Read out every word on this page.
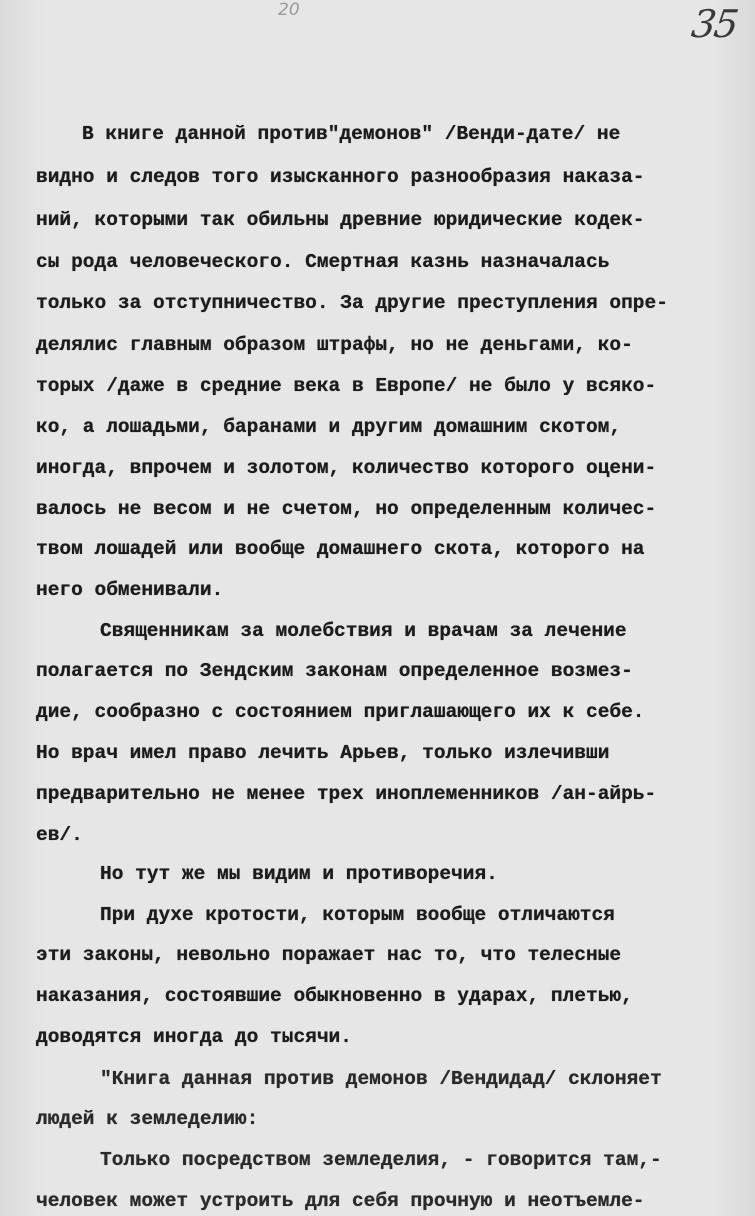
20	35
В книге данной против"демонов" /Венди-дате/ не
видно и следов того изысканного разнообразия наказа-
ний, которыми так обильны древние юридические кодек-
сы рода человеческого. Смертная казнь назначалась
только за отступничество. За другие преступления опре-
делялис главным образом штрафы, но не деньгами, ко-
торых /даже в средние века в Европе/ не было у всяко-
ко, а лошадьми, баранами и другим домашним скотом,
иногда, впрочем и золотом, количество которого оцени-
валось не весом и не счетом, но определенным количес-
твом лошадей или вообще домашнего скота, которого на
него обменивали.
Священникам за молебствия и врачам за лечение
полагается по Зендским законам определенное возмез-
дие, сообразно с состоянием приглашающего их к себе.
Но врач имел право лечить Арьев, только излечивши
предварительно не менее трех иноплеменников /ан-айрь-
ев/.
Но тут же мы видим и противоречия.
При духе кротости, которым вообще отличаются
эти законы, невольно поражает нас то, что телесные
наказания, состоявшие обыкновенно в ударах, плетью,
доводятся иногда до тысячи.
"Книга данная против демонов /Вендидад/ склоняет
людей к земледелию:
Только посредством земледелия, - говорится там,-
человек может устроить для себя прочную и неотъемле-
